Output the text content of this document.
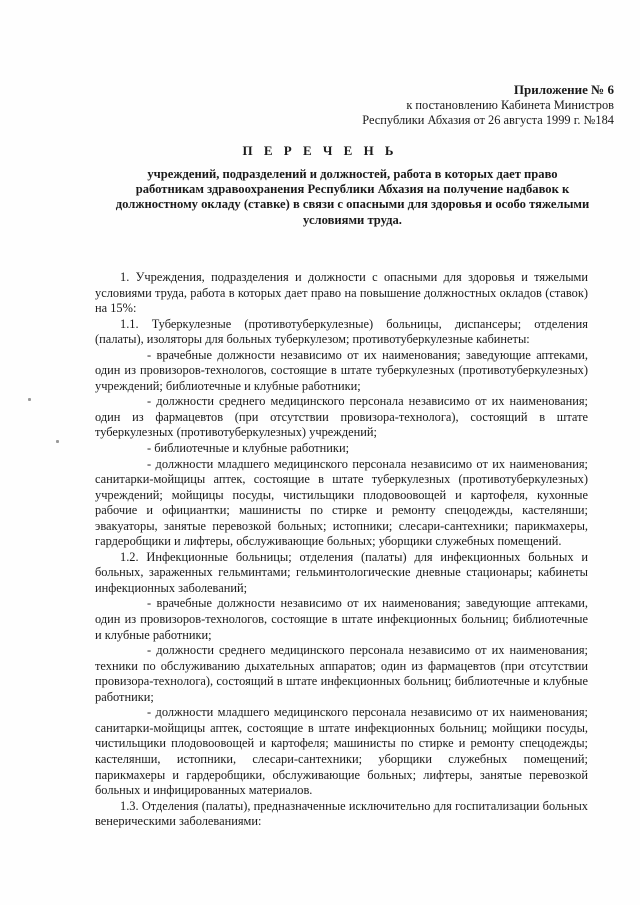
Приложение № 6
к постановлению Кабинета Министров
Республики Абхазия от 26 августа 1999 г. №184
П Е Р Е Ч Е Н Ь
учреждений, подразделений и должностей, работа в которых дает право работникам здравоохранения Республики Абхазия на получение надбавок к должностному окладу (ставке) в связи с опасными для здоровья и особо тяжелыми условиями труда.

1. Учреждения, подразделения и должности с опасными для здоровья и тяжелыми условиями труда, работа в которых дает право на повышение должностных окладов (ставок) на 15%:

1.1. Туберкулезные (противотуберкулезные) больницы, диспансеры; отделения (палаты), изоляторы для больных туберкулезом; противотуберкулезные кабинеты:

- врачебные должности независимо от их наименования; заведующие аптеками, один из провизоров-технологов, состоящие в штате туберкулезных (противотуберкулезных) учреждений; библиотечные и клубные работники;

- должности среднего медицинского персонала независимо от их наименования; один из фармацевтов (при отсутствии провизора-технолога), состоящий в штате туберкулезных (противотуберкулезных) учреждений;

- библиотечные и клубные работники;

- должности младшего медицинского персонала независимо от их наименования; санитарки-мойщицы аптек, состоящие в штате туберкулезных (противотуберкулезных) учреждений; мойщицы посуды, чистильщики плодовоовощей и картофеля, кухонные рабочие и официантки; машинисты по стирке и ремонту спецодежды, кастелянши; эвакуаторы, занятые перевозкой больных; истопники; слесари-сантехники; парикмахеры, гардеробщики и лифтеры, обслуживающие больных; уборщики служебных помещений.

1.2. Инфекционные больницы; отделения (палаты) для инфекционных больных и больных, зараженных гельминтами; гельминтологические дневные стационары; кабинеты инфекционных заболеваний;

- врачебные должности независимо от их наименования; заведующие аптеками, один из провизоров-технологов, состоящие в штате инфекционных больниц; библиотечные и клубные работники;

- должности среднего медицинского персонала независимо от их наименования; техники по обслуживанию дыхательных аппаратов; один из фармацевтов (при отсутствии провизора-технолога), состоящий в штате инфекционных больниц; библиотечные и клубные работники;

- должности младшего медицинского персонала независимо от их наименования; санитарки-мойщицы аптек, состоящие в штате инфекционных больниц; мойщики посуды, чистильщики плодовоовощей и картофеля; машинисты по стирке и ремонту спецодежды; кастелянши, истопники, слесари-сантехники; уборщики служебных помещений; парикмахеры и гардеробщики, обслуживающие больных; лифтеры, занятые перевозкой больных и инфицированных материалов.

1.3. Отделения (палаты), предназначенные исключительно для госпитализации больных венерическими заболеваниями:
